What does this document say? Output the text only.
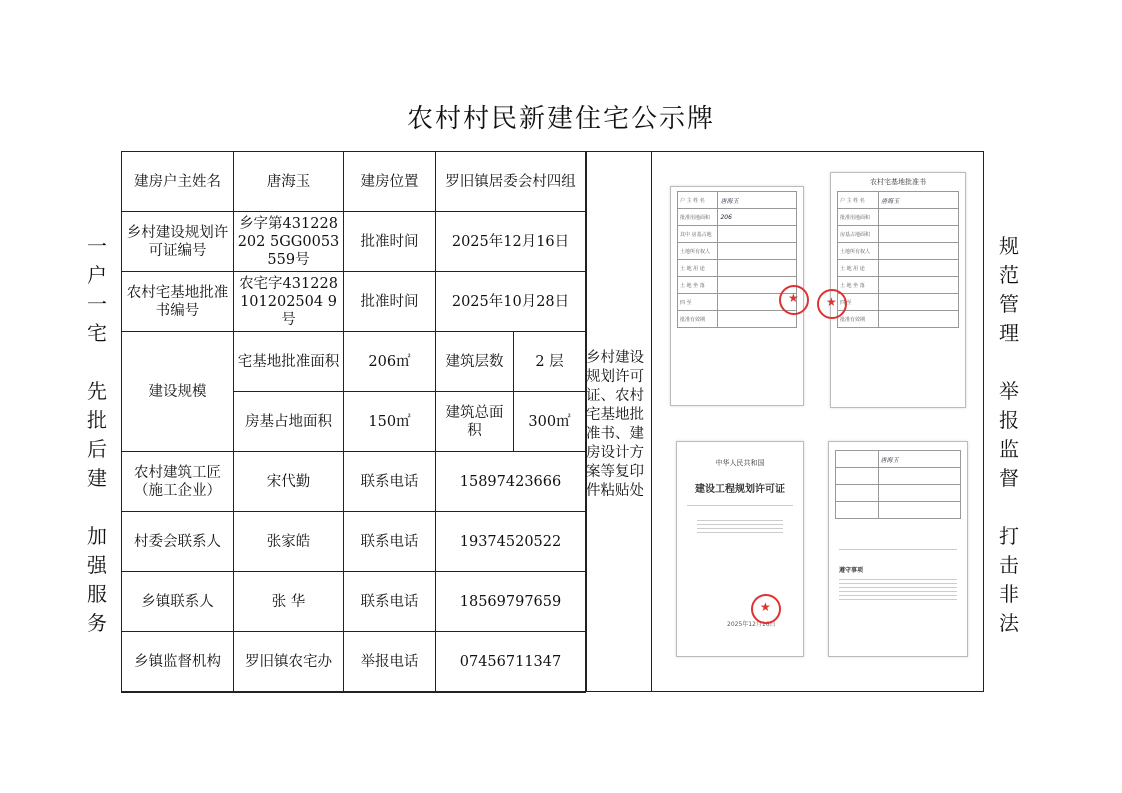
农村村民新建住宅公示牌
一
户
一
宅

先
批
后
建

加
强
服
务
规
范
管
理

举
报
监
督

打
击
非
法
建房户主姓名	唐海玉	建房位置	罗旧镇居委会村四组	
乡村建设规划许可证编号	乡字第431228202 5GG0053559号	批准时间	2025年12月16日	
农村宅基地批准书编号	农宅字431228101202504 9号	批准时间	2025年10月28日	
建设规模	宅基地批准面积	206㎡	建筑层数	2 层
	房基占地面积	150㎡	建筑总面积	300㎡
农村建筑工匠（施工企业）	宋代勤	联系电话	15897423666	
村委会联系人	张家皓	联系电话	19374520522	
乡镇联系人	张 华	联系电话	18569797659	
乡镇监督机构	罗旧镇农宅办	举报电话	07456711347	
乡村建设规划许可证、农村宅基地批准书、建房设计方案等复印件粘贴处
户 主 姓 名	唐海玉
批准用地面积	206
其中 房基占地	
土地所有权人	
土 地 用 途	
土 地 坐 落	
四 至	
批准有效期	
★
农村宅基地批准书
户 主 姓 名	唐海玉
批准用地面积	
房基占地面积	
土地所有权人	
土 地 用 途	
土 地 坐 落	
四 至	
批准有效期	
★
中华人民共和国
建设工程规划许可证
2025年12月16日
★
	唐海玉

遵守事项
